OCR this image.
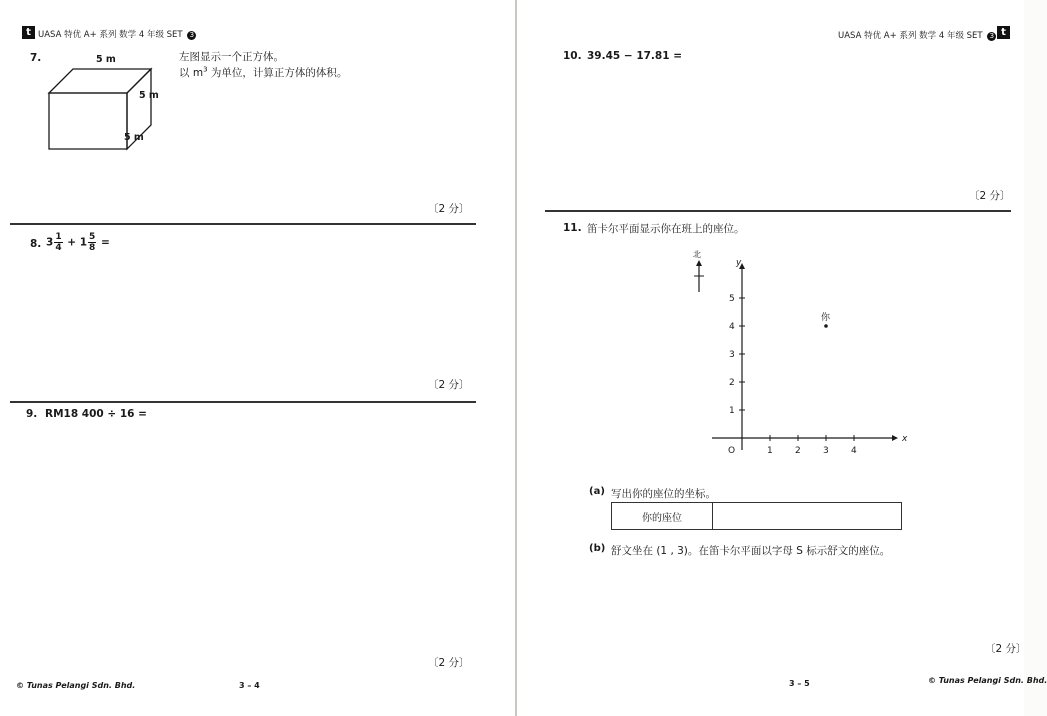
t UASA 特优 A+ 系列 数学 4 年级 SET 3
7.	5 m
5 m
5 m
左图显示一个正方体。
以 $m^3$ 为单位，计算正方体的体积。
〔2 分〕
8. $3 \frac{1}{4} + 1 \frac{5}{8}$ =
〔2 分〕
9. RM18 400 ÷ 16 =
〔2 分〕
© Tunas Pelangi Sdn. Bhd.	3 – 4
UASA 特优 A+ 系列 数学 4 年级 SET 3 t
10. 39.45 − 17.81 =
〔2 分〕
11. 笛卡尔平面显示你在班上的座位。
北
x
y
O	1 2 3 4
1
2
3
4
5
你
(a) 写出你的座位的坐标。
你的座位	
(b) 舒文坐在 (1 , 3)。在笛卡尔平面以字母 S 标示舒文的座位。
〔2 分〕
3 – 5	© Tunas Pelangi Sdn. Bhd.
